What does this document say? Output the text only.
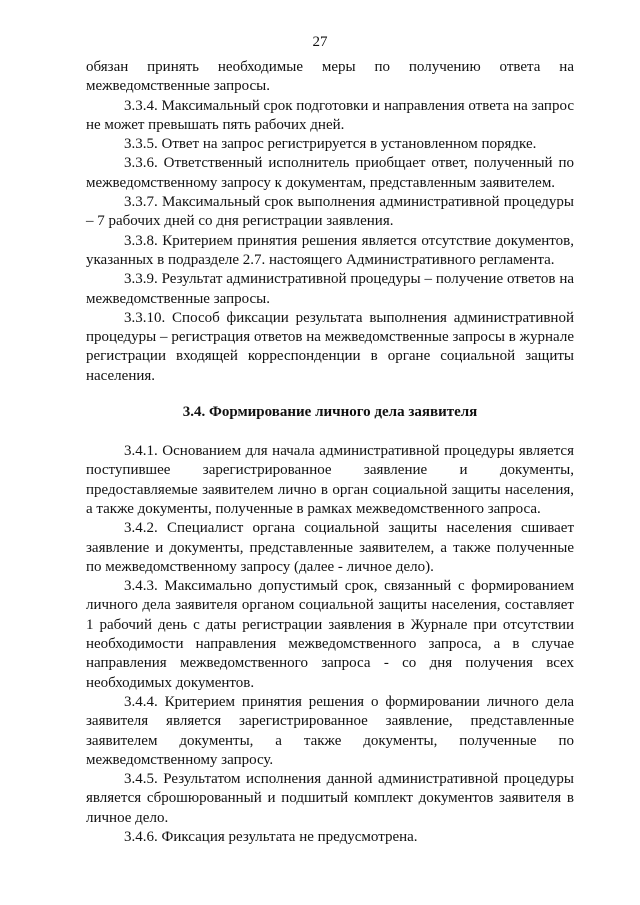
27

обязан принять необходимые меры по получению ответа на межведомственные запросы.

3.3.4. Максимальный срок подготовки и направления ответа на запрос не может превышать пять рабочих дней.

3.3.5. Ответ на запрос регистрируется в установленном порядке.

3.3.6. Ответственный исполнитель приобщает ответ, полученный по межведомственному запросу к документам, представленным заявителем.

3.3.7. Максимальный срок выполнения административной процедуры – 7 рабочих дней со дня регистрации заявления.

3.3.8. Критерием принятия решения является отсутствие документов, указанных в подразделе 2.7. настоящего Административного регламента.

3.3.9. Результат административной процедуры – получение ответов на межведомственные запросы.

3.3.10. Способ фиксации результата выполнения административной процедуры – регистрация ответов на межведомственные запросы в журнале регистрации входящей корреспонденции в органе социальной защиты населения.

3.4. Формирование личного дела заявителя

3.4.1. Основанием для начала административной процедуры является поступившее зарегистрированное заявление и документы, предоставляемые заявителем лично в орган социальной защиты населения, а также документы, полученные в рамках межведомственного запроса.

3.4.2. Специалист органа социальной защиты населения сшивает заявление и документы, представленные заявителем, а также полученные по межведомственному запросу (далее - личное дело).

3.4.3. Максимально допустимый срок, связанный с формированием личного дела заявителя органом социальной защиты населения, составляет 1 рабочий день с даты регистрации заявления в Журнале при отсутствии необходимости направления межведомственного запроса, а в случае направления межведомственного запроса - со дня получения всех необходимых документов.

3.4.4. Критерием принятия решения о формировании личного дела заявителя является зарегистрированное заявление, представленные заявителем документы, а также документы, полученные по межведомственному запросу.

3.4.5. Результатом исполнения данной административной процедуры является сброшюрованный и подшитый комплект документов заявителя в личное дело.

3.4.6. Фиксация результата не предусмотрена.
